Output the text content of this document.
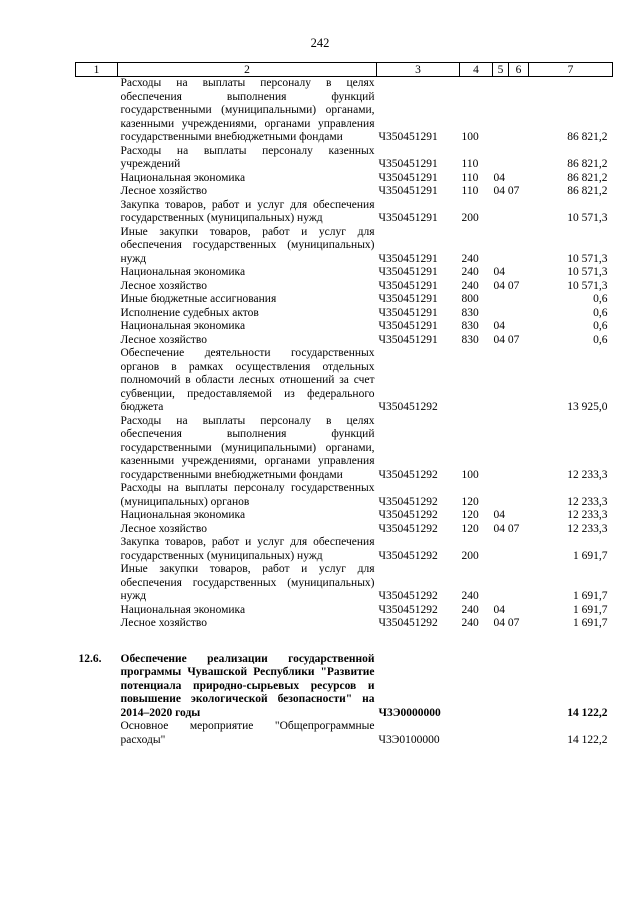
242
1	2	3	4	5	6	7
	Расходы на выплаты персоналу в целях обеспечения выполнения функций государственными (муниципальными) органами, казенными учреждениями, органами управления государственными внебюджетными фондами	Ч350451291	100			86 821,2
	Расходы на выплаты персоналу казенных учреждений	Ч350451291	110			86 821,2
	Национальная экономика	Ч350451291	110	04		86 821,2
	Лесное хозяйство	Ч350451291	110	04 07		86 821,2
	Закупка товаров, работ и услуг для обеспечения государственных (муниципальных) нужд	Ч350451291	200			10 571,3
	Иные закупки товаров, работ и услуг для обеспечения государственных (муниципальных) нужд	Ч350451291	240			10 571,3
	Национальная экономика	Ч350451291	240	04		10 571,3
	Лесное хозяйство	Ч350451291	240	04 07		10 571,3
	Иные бюджетные ассигнования	Ч350451291	800			0,6
	Исполнение судебных актов	Ч350451291	830			0,6
	Национальная экономика	Ч350451291	830	04		0,6
	Лесное хозяйство	Ч350451291	830	04 07		0,6
	Обеспечение деятельности государственных органов в рамках осуществления отдельных полномочий в области лесных отношений за счет субвенции, предоставляемой из федерального бюджета	Ч350451292				13 925,0
	Расходы на выплаты персоналу в целях обеспечения выполнения функций государственными (муниципальными) органами, казенными учреждениями, органами управления государственными внебюджетными фондами	Ч350451292	100			12 233,3
	Расходы на выплаты персоналу государственных (муниципальных) органов	Ч350451292	120			12 233,3
	Национальная экономика	Ч350451292	120	04		12 233,3
	Лесное хозяйство	Ч350451292	120	04 07		12 233,3
	Закупка товаров, работ и услуг для обеспечения государственных (муниципальных) нужд	Ч350451292	200			1 691,7
	Иные закупки товаров, работ и услуг для обеспечения государственных (муниципальных) нужд	Ч350451292	240			1 691,7
	Национальная экономика	Ч350451292	240	04		1 691,7
	Лесное хозяйство	Ч350451292	240	04 07		1 691,7

12.6.	Обеспечение реализации государственной программы Чувашской Республики "Развитие потенциала природно-сырьевых ресурсов и повышение экологической безопасности" на 2014–2020 годы	Ч3Э0000000				14 122,2
	Основное мероприятие "Общепрограммные расходы"	Ч3Э0100000				14 122,2
